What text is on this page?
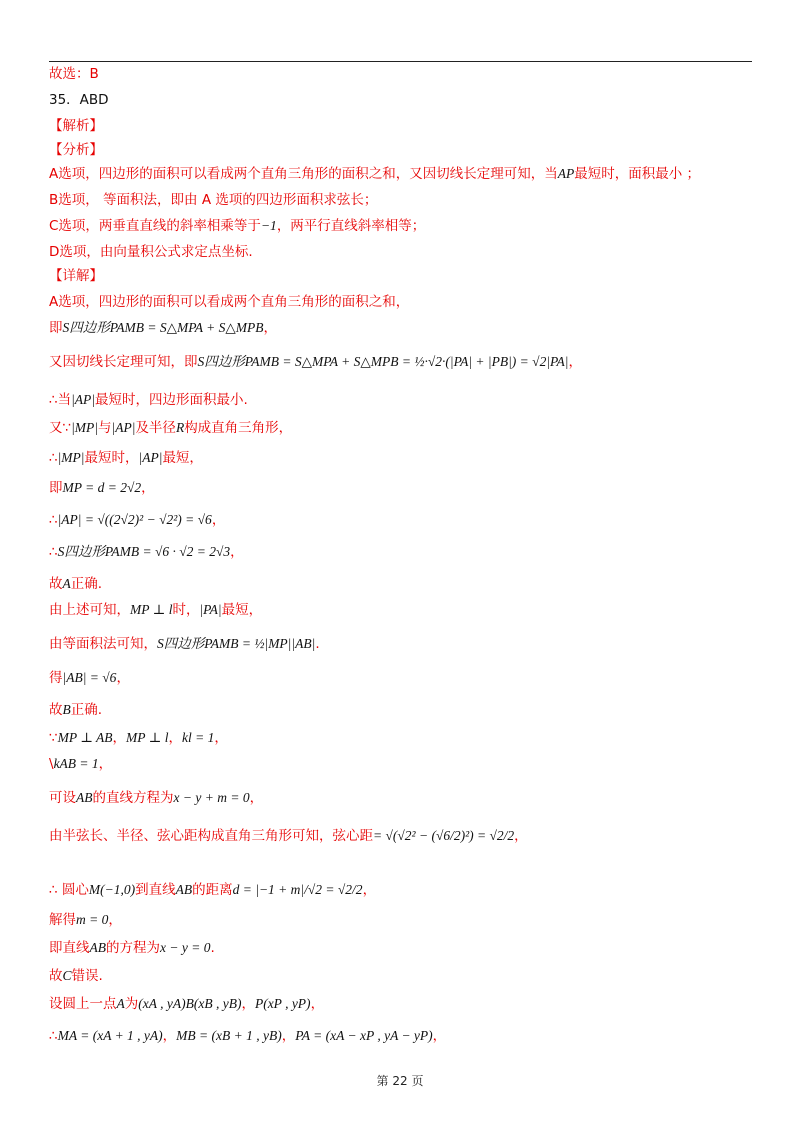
故选：B
35．ABD
【解析】
【分析】
A选项，四边形的面积可以看成两个直角三角形的面积之和，又因切线长定理可知，当AP最短时，面积最小 ；
B选项， 等面积法，即由 A 选项的四边形面积求弦长；
C选项，两垂直直线的斜率相乘等于−1，两平行直线斜率相等；
D选项，由向量积公式求定点坐标.
【详解】
A选项，四边形的面积可以看成两个直角三角形的面积之和，
即S四边形PAMB = S△MPA + S△MPB，
又因切线长定理可知，即S四边形PAMB = S△MPA + S△MPB = ½·√2·(|PA| + |PB|) = √2|PA|，
∴当|AP|最短时，四边形面积最小.
又∵|MP|与|AP|及半径R构成直角三角形，
∴|MP|最短时，|AP|最短，
即MP = d = 2√2，
∴|AP| = √((2√2)² − √2²) = √6，
∴S四边形PAMB = √6 · √2 = 2√3，
故A正确.
由上述可知，MP ⊥ l时，|PA|最短，
由等面积法可知，S四边形PAMB = ½|MP||AB|.
得|AB| = √6，
故B正确.
∵MP ⊥ AB，MP ⊥ l，kl = 1，
\kAB = 1，
可设AB的直线方程为x − y + m = 0，
由半弦长、半径、弦心距构成直角三角形可知，弦心距= √(√2² − (√6/2)²) = √2/2，
∴ 圆心M(−1,0)到直线AB的距离d = |−1 + m|/√2 = √2/2，
解得m = 0，
即直线AB的方程为x − y = 0.
故C错误.
设圆上一点A为(xA , yA)B(xB , yB)，P(xP , yP)，
∴MA = (xA + 1 , yA)，MB = (xB + 1 , yB)，PA = (xA − xP , yA − yP)，
第 22 页
